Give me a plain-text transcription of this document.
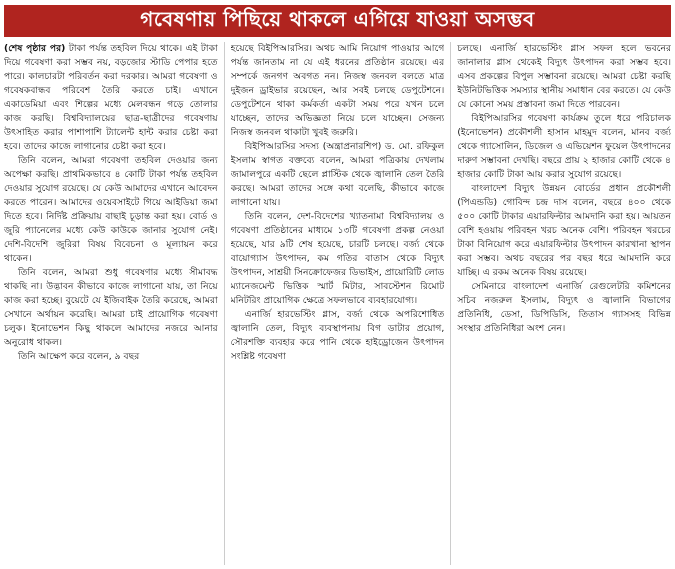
গবেষণায় পিছিয়ে থাকলে এগিয়ে যাওয়া অসম্ভব

(শেষ পৃষ্ঠার পর) টাকা পর্যন্ত তহবিল দিয়ে থাকে। এই টাকা দিয়ে গবেষণা করা সম্ভব নয়, বড়জোর স্টাডি পেপার হতে পারে। কালচারটা পরিবর্তন করা দরকার। আমরা গবেষণা ও গবেষকবান্ধব পরিবেশ তৈরি করতে চাই। এখানে একাডেমিয়া এবং শিল্পের মধ্যে মেলবন্ধন গড়ে তোলার কাজ করছি। বিশ্ববিদ্যালয়ের ছাত্র-ছাত্রীদের গবেষণায় উৎসাহিত করার পাশাপাশি ট্যালেন্ট হান্ট করার চেষ্টা করা হবে। তাদের কাজে লাগানোর চেষ্টা করা হবে।

তিনি বলেন, আমরা গবেষণা তহবিল দেওয়ার জন্য অপেক্ষা করছি। প্রাথমিকভাবে ৪ কোটি টাকা পর্যন্ত তহবিল দেওয়ার সুযোগ রয়েছে। যে কেউ আমাদের এখানে আবেদন করতে পারেন। আমাদের ওয়েবসাইটে গিয়ে আইডিয়া জমা দিতে হবে। নির্দিষ্ট প্রক্রিয়ায় বাছাই চূড়ান্ত করা হয়। বোর্ড ও জুরি প্যানেলের মধ্যে কেউ কাউকে জানার সুযোগ নেই। দেশি-বিদেশি জুরিরা বিষয় বিবেচনা ও মূল্যায়ন করে থাকেন।

তিনি বলেন, আমরা শুধু গবেষণার মধ্যে সীমাবদ্ধ থাকছি না। উদ্ভাবন কীভাবে কাজে লাগানো যায়, তা নিয়ে কাজ করা হচ্ছে। বুয়েটে যে ইজিবাইক তৈরি করেছে, আমরা সেখানে অর্থায়ন করেছি। আমরা চাই প্রায়োগিক গবেষণা চলুক। ইনোভেশন কিছু থাকলে আমাদের নজরে আনার অনুরোধ থাকল।

তিনি আক্ষেপ করে বলেন, ৯ বছর

হয়েছে বিইপিআরসির। অথচ আমি নিয়োগ পাওয়ার আগে পর্যন্ত জানতাম না যে এই ধরনের প্রতিষ্ঠান রয়েছে। এর সম্পর্কে জনগণ অবগত নন। নিজস্ব জনবল বলতে মাত্র দুইজন ড্রাইভার রয়েছেন, আর সবই চলছে ডেপুটেশনে। ডেপুটেশনে থাকা কর্মকর্তা একটা সময় পরে যখন চলে যাচ্ছেন, তাদের অভিজ্ঞতা নিয়ে চলে যাচ্ছেন। সেজন্য নিজস্ব জনবল থাকাটা খুবই জরুরি।

বিইপিআরসির সদস্য (অন্ত্রাপ্রনারশিপ) ড. মো. রফিকুল ইসলাম স্বাগত বক্তব্যে বলেন, আমরা পত্রিকায় দেখলাম জামালপুরে একটি ছেলে প্লাস্টিক থেকে জ্বালানি তেল তৈরি করছে। আমরা তাদের সঙ্গে কথা বলেছি, কীভাবে কাজে লাগানো যায়।

তিনি বলেন, দেশ-বিদেশের খ্যাতনামা বিশ্ববিদ্যালয় ও গবেষণা প্রতিষ্ঠানের মাধ্যমে ১৩টি গবেষণা প্রকল্প নেওয়া হয়েছে, যার ৯টি শেষ হয়েছে, চারটি চলছে। বর্জ্য থেকে বায়োগ্যাস উৎপাদন, কম গতির বাতাস থেকে বিদ্যুৎ উৎপাদন, সাশ্রয়ী সিনক্রোফেজর ডিভাইস, প্রায়োরিটি লোড ম্যানেজমেন্ট ভিত্তিক স্মার্ট মিটার, সাবস্টেশন রিমোট মনিটরিং প্রায়োগিক ক্ষেত্রে সফলভাবে ব্যবহারযোগ্য।

এনার্জি হারভেস্টিং গ্লাস, বর্জ্য থেকে অপরিশোধিত জ্বালানি তেল, বিদ্যুৎ ব্যবস্থাপনায় বিগ ডাটার প্রয়োগ, সৌরশক্তি ব্যবহার করে পানি থেকে হাইড্রোজেন উৎপাদন সংশ্লিষ্ট গবেষণা

চলছে। এনার্জি হারভেস্টিং গ্লাস সফল হলে ভবনের জানালার গ্লাস থেকেই বিদ্যুৎ উৎপাদন করা সম্ভব হবে। এসব প্রকল্পের বিপুল সম্ভাবনা রয়েছে। আমরা চেষ্টা করছি ইউনিটভিত্তিক সমস্যার স্থানীয় সমাধান বের করতে। যে কেউ যে কোনো সময় প্রস্তাবনা জমা দিতে পারবেন।

বিইপিআরসির গবেষণা কার্যক্রম তুলে ধরে পরিচালক (ইনোভেশন) প্রকৌশলী হাসান মাহমুদ বলেন, মানব বর্জ্য থেকে গ্যাসোলিন, ডিজেল ও এভিয়েশন ফুয়েল উৎপাদনের দারুণ সম্ভাবনা দেখছি। বছরে প্রায় ২ হাজার কোটি থেকে ৪ হাজার কোটি টাকা আয় করার সুযোগ রয়েছে।

বাংলাদেশ বিদ্যুৎ উন্নয়ন বোর্ডের প্রধান প্রকৌশলী (পিএন্ডডি) গোবিন্দ চন্দ্র দাস বলেন, বছরে ৪০০ থেকে ৫০০ কোটি টাকার এয়ারফিল্টার আমদানি করা হয়। আয়তন বেশি হওয়ায় পরিবহন খরচ অনেক বেশি। পরিবহন খরচের টাকা বিনিয়োগ করে এয়ারফিল্টার উৎপাদন কারখানা স্থাপন করা সম্ভব। অথচ বছরের পর বছর ধরে আমদানি করে যাচ্ছি। এ রকম অনেক বিষয় রয়েছে।

সেমিনারে বাংলাদেশ এনার্জি রেগুলেটরি কমিশনের সচিব নজরুল ইসলাম, বিদ্যুৎ ও জ্বালানি বিভাগের প্রতিনিধি, ডেসা, ডিপিডিসি, তিতাস গ্যাসসহ বিভিন্ন সংস্থার প্রতিনিধিরা অংশ নেন।
